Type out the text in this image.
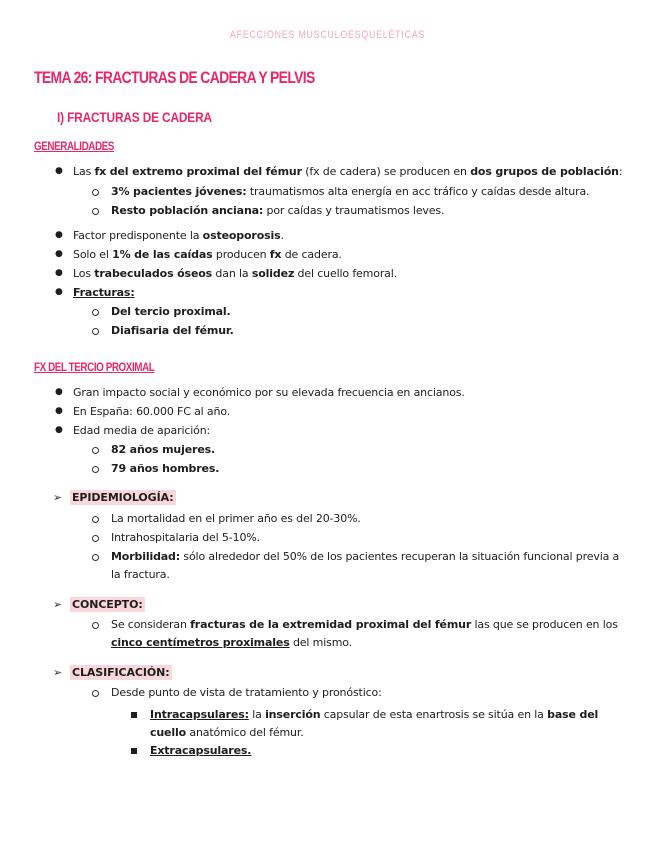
AFECCIONES MUSCULOESQUELÉTICAS
TEMA 26: FRACTURAS DE CADERA Y PELVIS
I) FRACTURAS DE CADERA
GENERALIDADES
● Las fx del extremo proximal del fémur (fx de cadera) se producen en dos grupos de población:
3% pacientes jóvenes: traumatismos alta energía en acc tráfico y caídas desde altura.
Resto población anciana: por caídas y traumatismos leves.
● Factor predisponente la osteoporosis.
● Solo el 1% de las caídas producen fx de cadera.
● Los trabeculados óseos dan la solidez del cuello femoral.
● Fracturas:
Del tercio proximal.
Diafisaria del fémur.
FX DEL TERCIO PROXIMAL
● Gran impacto social y económico por su elevada frecuencia en ancianos.
● En España: 60.000 FC al año.
● Edad media de aparición:
82 años mujeres.
79 años hombres.
➢ EPIDEMIOLOGÍA:
La mortalidad en el primer año es del 20-30%.
Intrahospitalaria del 5-10%.
Morbilidad: sólo alrededor del 50% de los pacientes recuperan la situación funcional previa a
la fractura.
➢ CONCEPTO:
Se consideran fracturas de la extremidad proximal del fémur las que se producen en los
cinco centímetros proximales del mismo.
➢ CLASIFICACIÓN:
Desde punto de vista de tratamiento y pronóstico:
Intracapsulares: la inserción capsular de esta enartrosis se sitúa en la base del
cuello anatómico del fémur.
Extracapsulares.
